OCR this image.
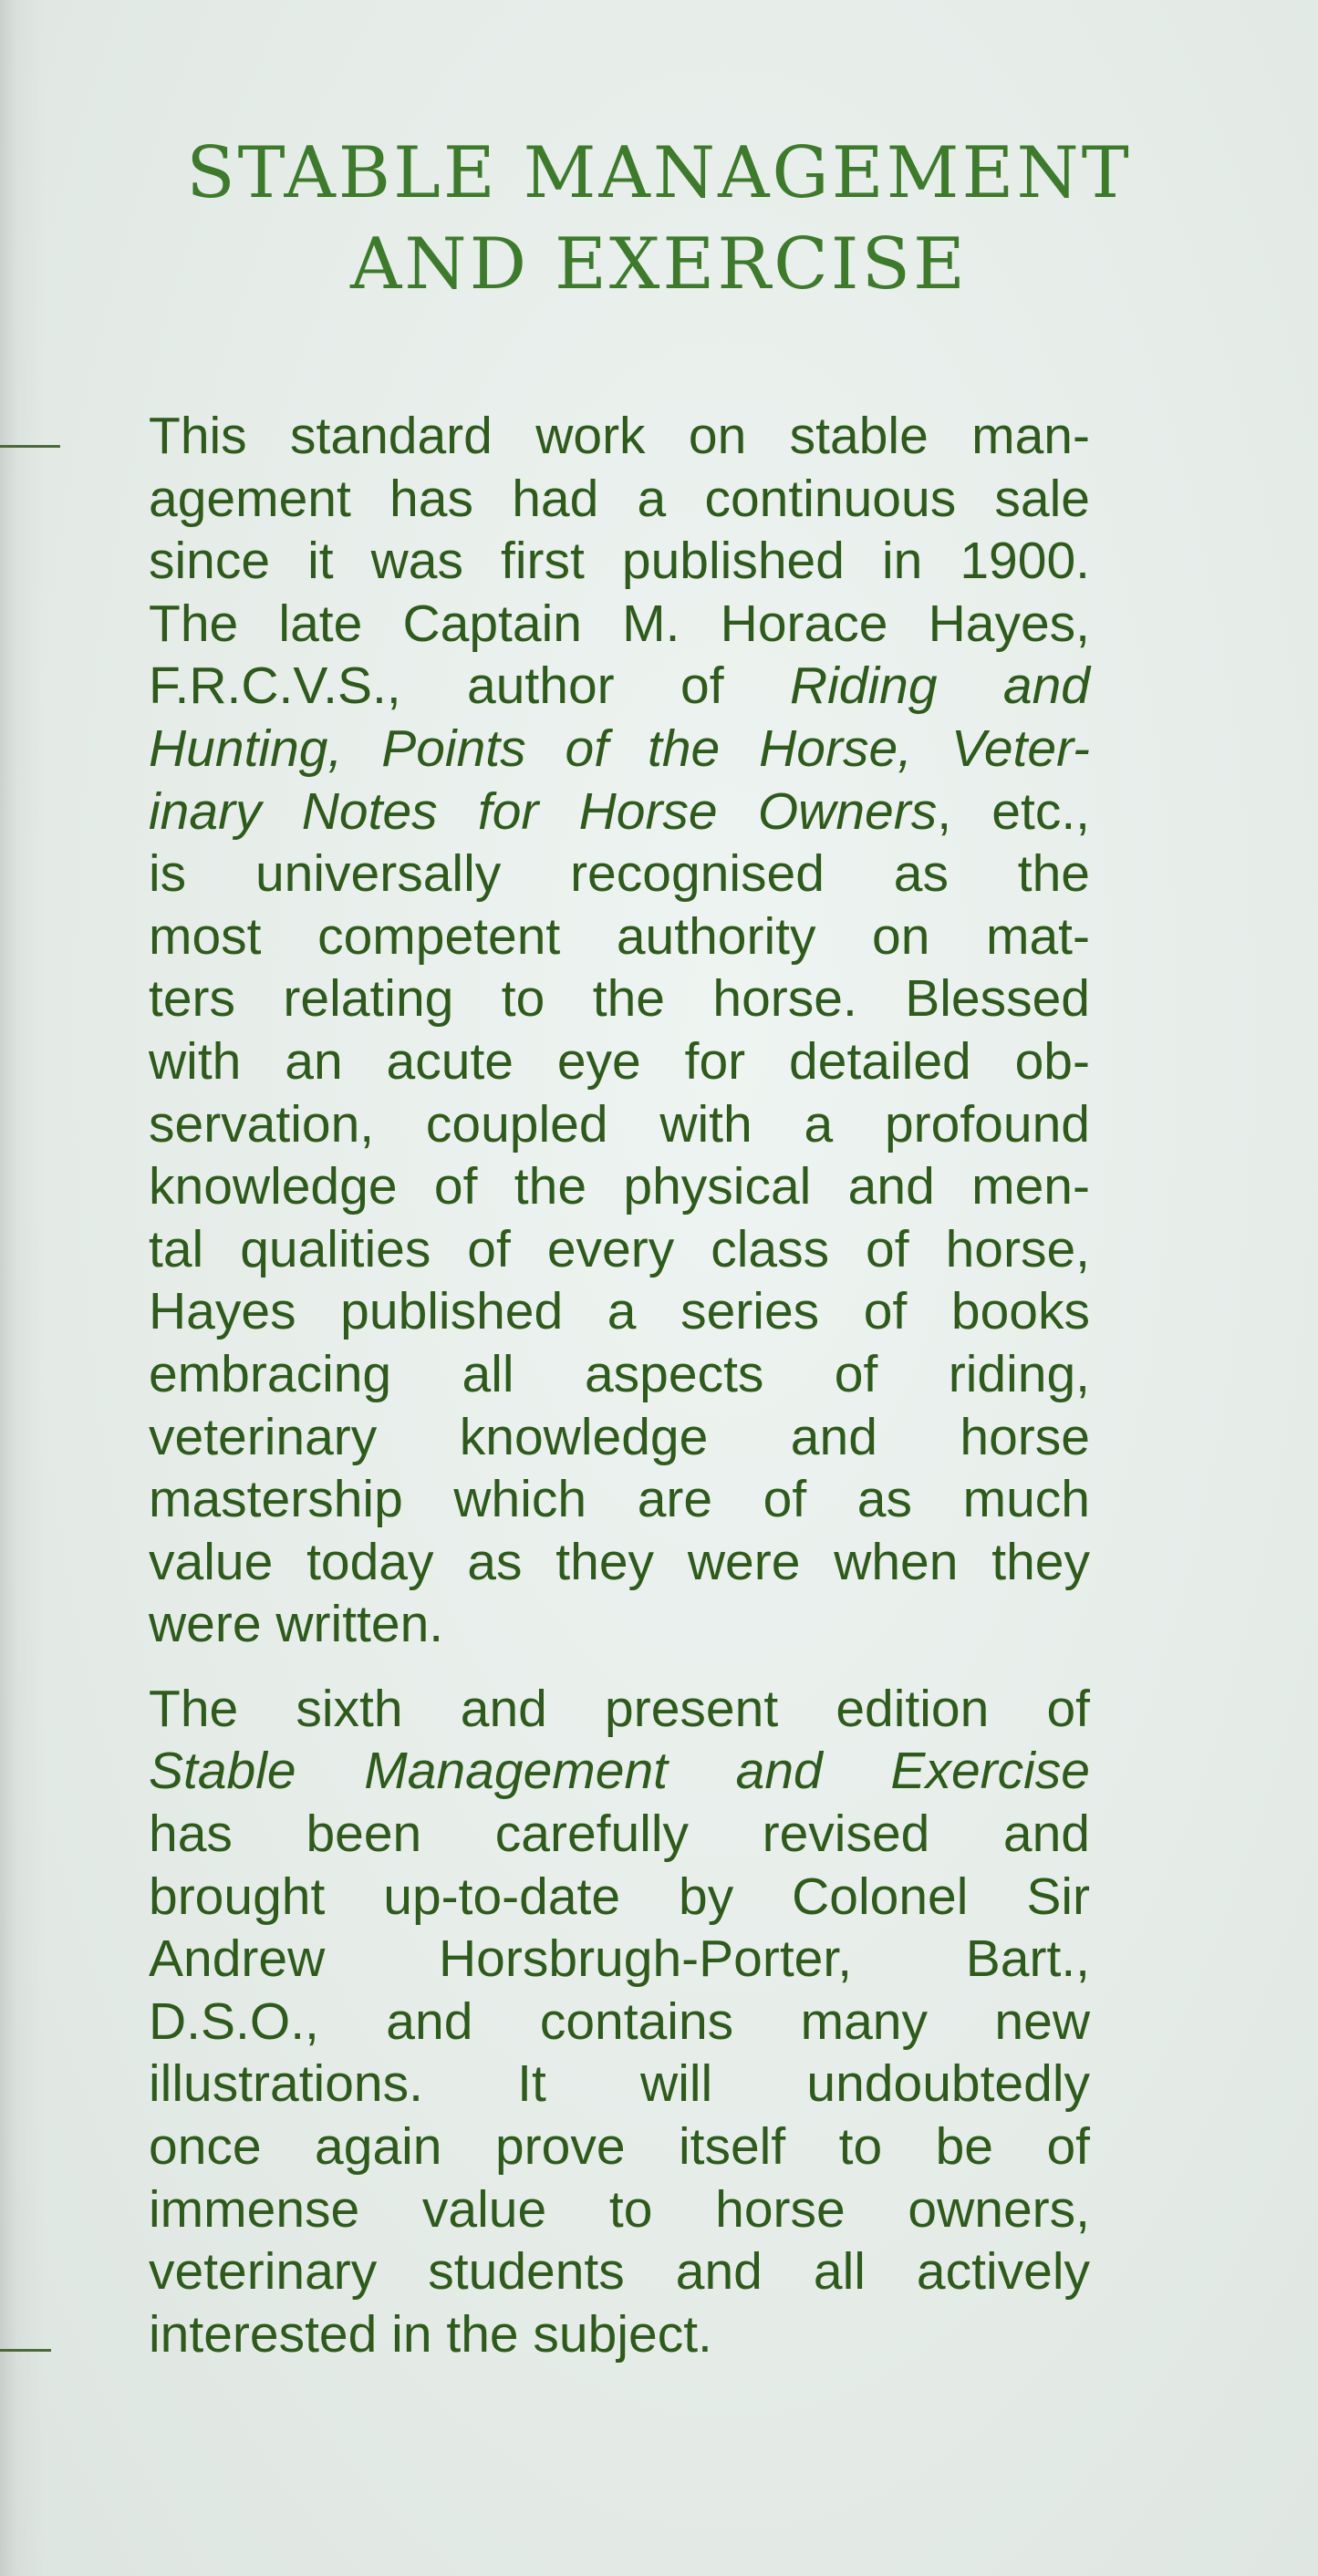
STABLE MANAGEMENT
AND EXERCISE

This standard work on stable man-
agement has had a continuous sale
since it was first published in 1900.
The late Captain M. Horace Hayes,
F.R.C.V.S., author of Riding and
Hunting, Points of the Horse, Veter-
inary Notes for Horse Owners, etc.,
is universally recognised as the
most competent authority on mat-
ters relating to the horse. Blessed
with an acute eye for detailed ob-
servation, coupled with a profound
knowledge of the physical and men-
tal qualities of every class of horse,
Hayes published a series of books
embracing all aspects of riding,
veterinary knowledge and horse
mastership which are of as much
value today as they were when they
were written.

The sixth and present edition of
Stable Management and Exercise
has been carefully revised and
brought up-to-date by Colonel Sir
Andrew Horsbrugh-Porter, Bart.,
D.S.O., and contains many new
illustrations. It will undoubtedly
once again prove itself to be of
immense value to horse owners,
veterinary students and all actively
interested in the subject.
